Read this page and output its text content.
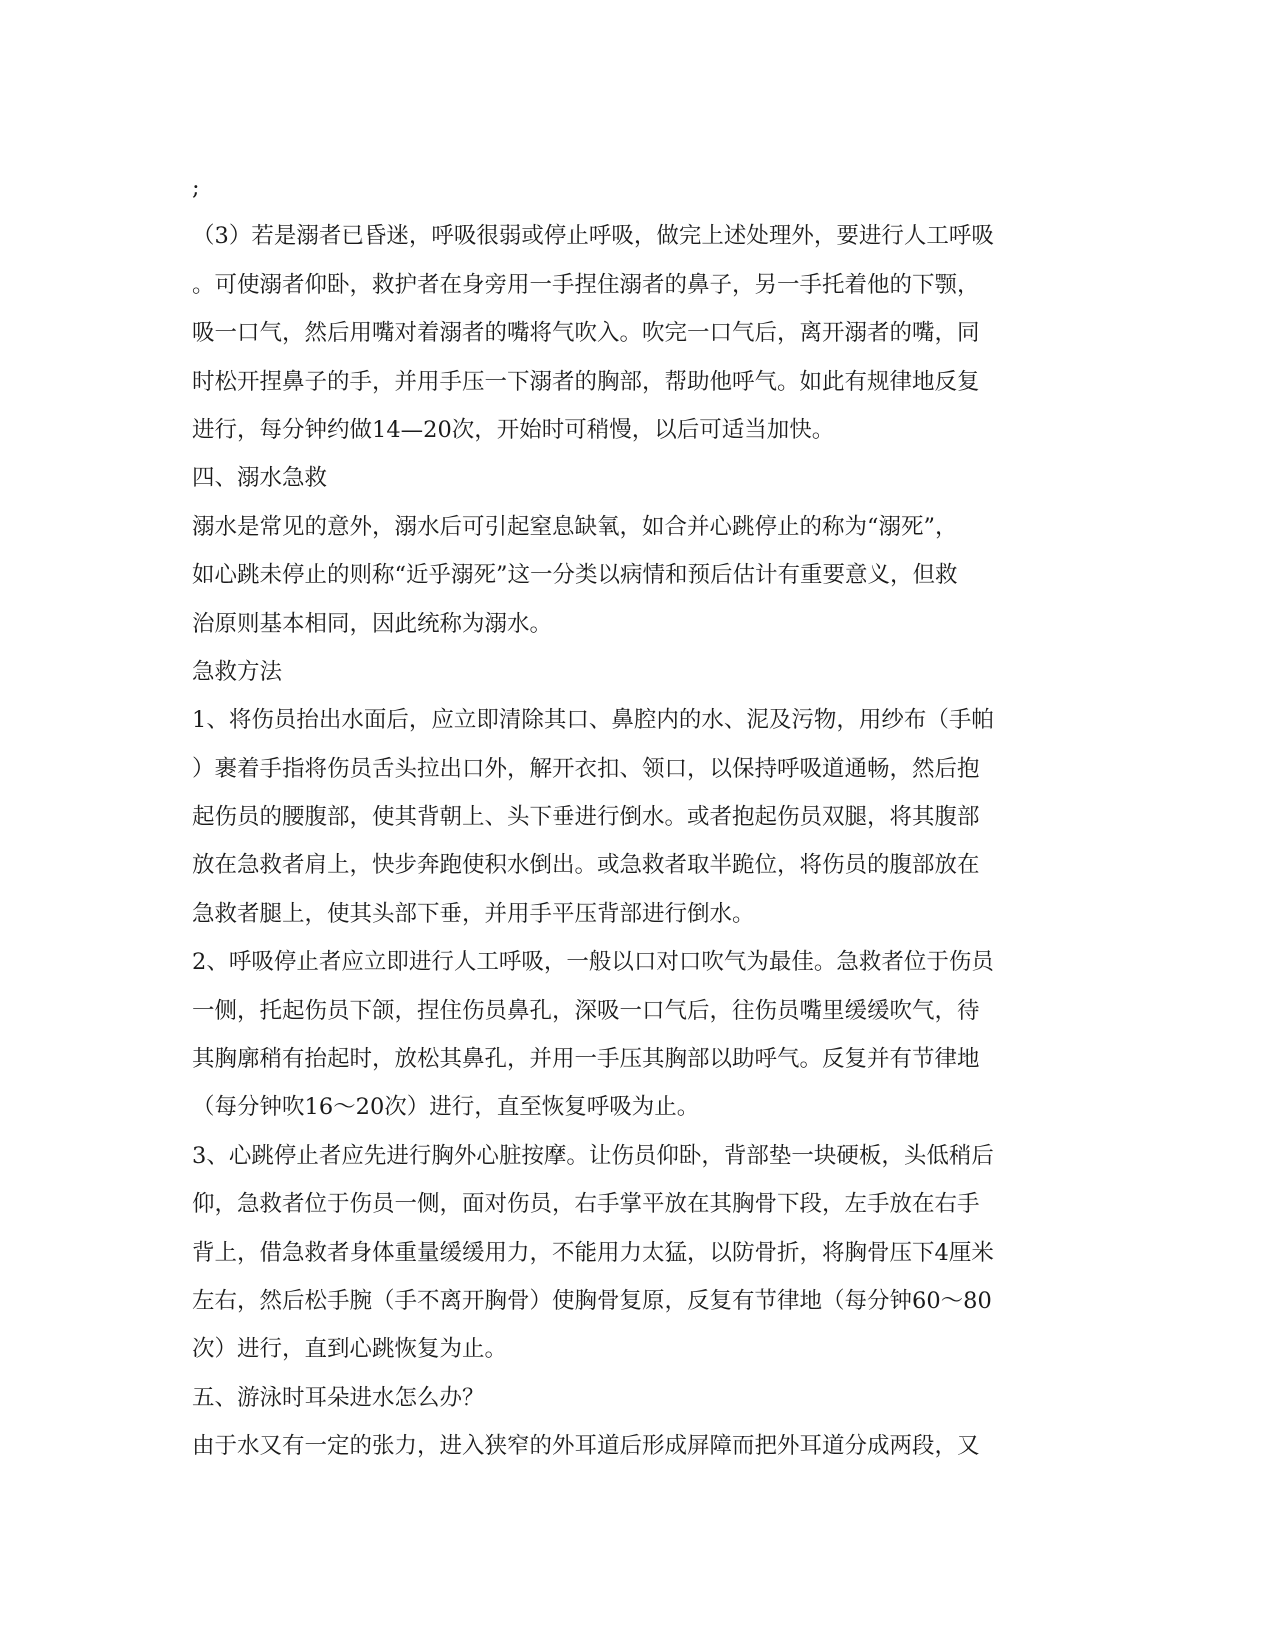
;
（3）若是溺者已昏迷，呼吸很弱或停止呼吸，做完上述处理外，要进行人工呼吸
。可使溺者仰卧，救护者在身旁用一手捏住溺者的鼻子，另一手托着他的下颚，
吸一口气，然后用嘴对着溺者的嘴将气吹入。吹完一口气后，离开溺者的嘴，同
时松开捏鼻子的手，并用手压一下溺者的胸部，帮助他呼气。如此有规律地反复
进行，每分钟约做14—20次，开始时可稍慢，以后可适当加快。
四、溺水急救
溺水是常见的意外，溺水后可引起窒息缺氧，如合并心跳停止的称为“溺死”，
如心跳未停止的则称“近乎溺死”这一分类以病情和预后估计有重要意义，但救
治原则基本相同，因此统称为溺水。
急救方法
1、将伤员抬出水面后，应立即清除其口、鼻腔内的水、泥及污物，用纱布（手帕
）裹着手指将伤员舌头拉出口外，解开衣扣、领口，以保持呼吸道通畅，然后抱
起伤员的腰腹部，使其背朝上、头下垂进行倒水。或者抱起伤员双腿，将其腹部
放在急救者肩上，快步奔跑使积水倒出。或急救者取半跪位，将伤员的腹部放在
急救者腿上，使其头部下垂，并用手平压背部进行倒水。
2、呼吸停止者应立即进行人工呼吸，一般以口对口吹气为最佳。急救者位于伤员
一侧，托起伤员下颌，捏住伤员鼻孔，深吸一口气后，往伤员嘴里缓缓吹气，待
其胸廓稍有抬起时，放松其鼻孔，并用一手压其胸部以助呼气。反复并有节律地
（每分钟吹16～20次）进行，直至恢复呼吸为止。
3、心跳停止者应先进行胸外心脏按摩。让伤员仰卧，背部垫一块硬板，头低稍后
仰，急救者位于伤员一侧，面对伤员，右手掌平放在其胸骨下段，左手放在右手
背上，借急救者身体重量缓缓用力，不能用力太猛，以防骨折，将胸骨压下4厘米
左右，然后松手腕（手不离开胸骨）使胸骨复原，反复有节律地（每分钟60～80
次）进行，直到心跳恢复为止。
五、游泳时耳朵进水怎么办？
由于水又有一定的张力，进入狭窄的外耳道后形成屏障而把外耳道分成两段，又
